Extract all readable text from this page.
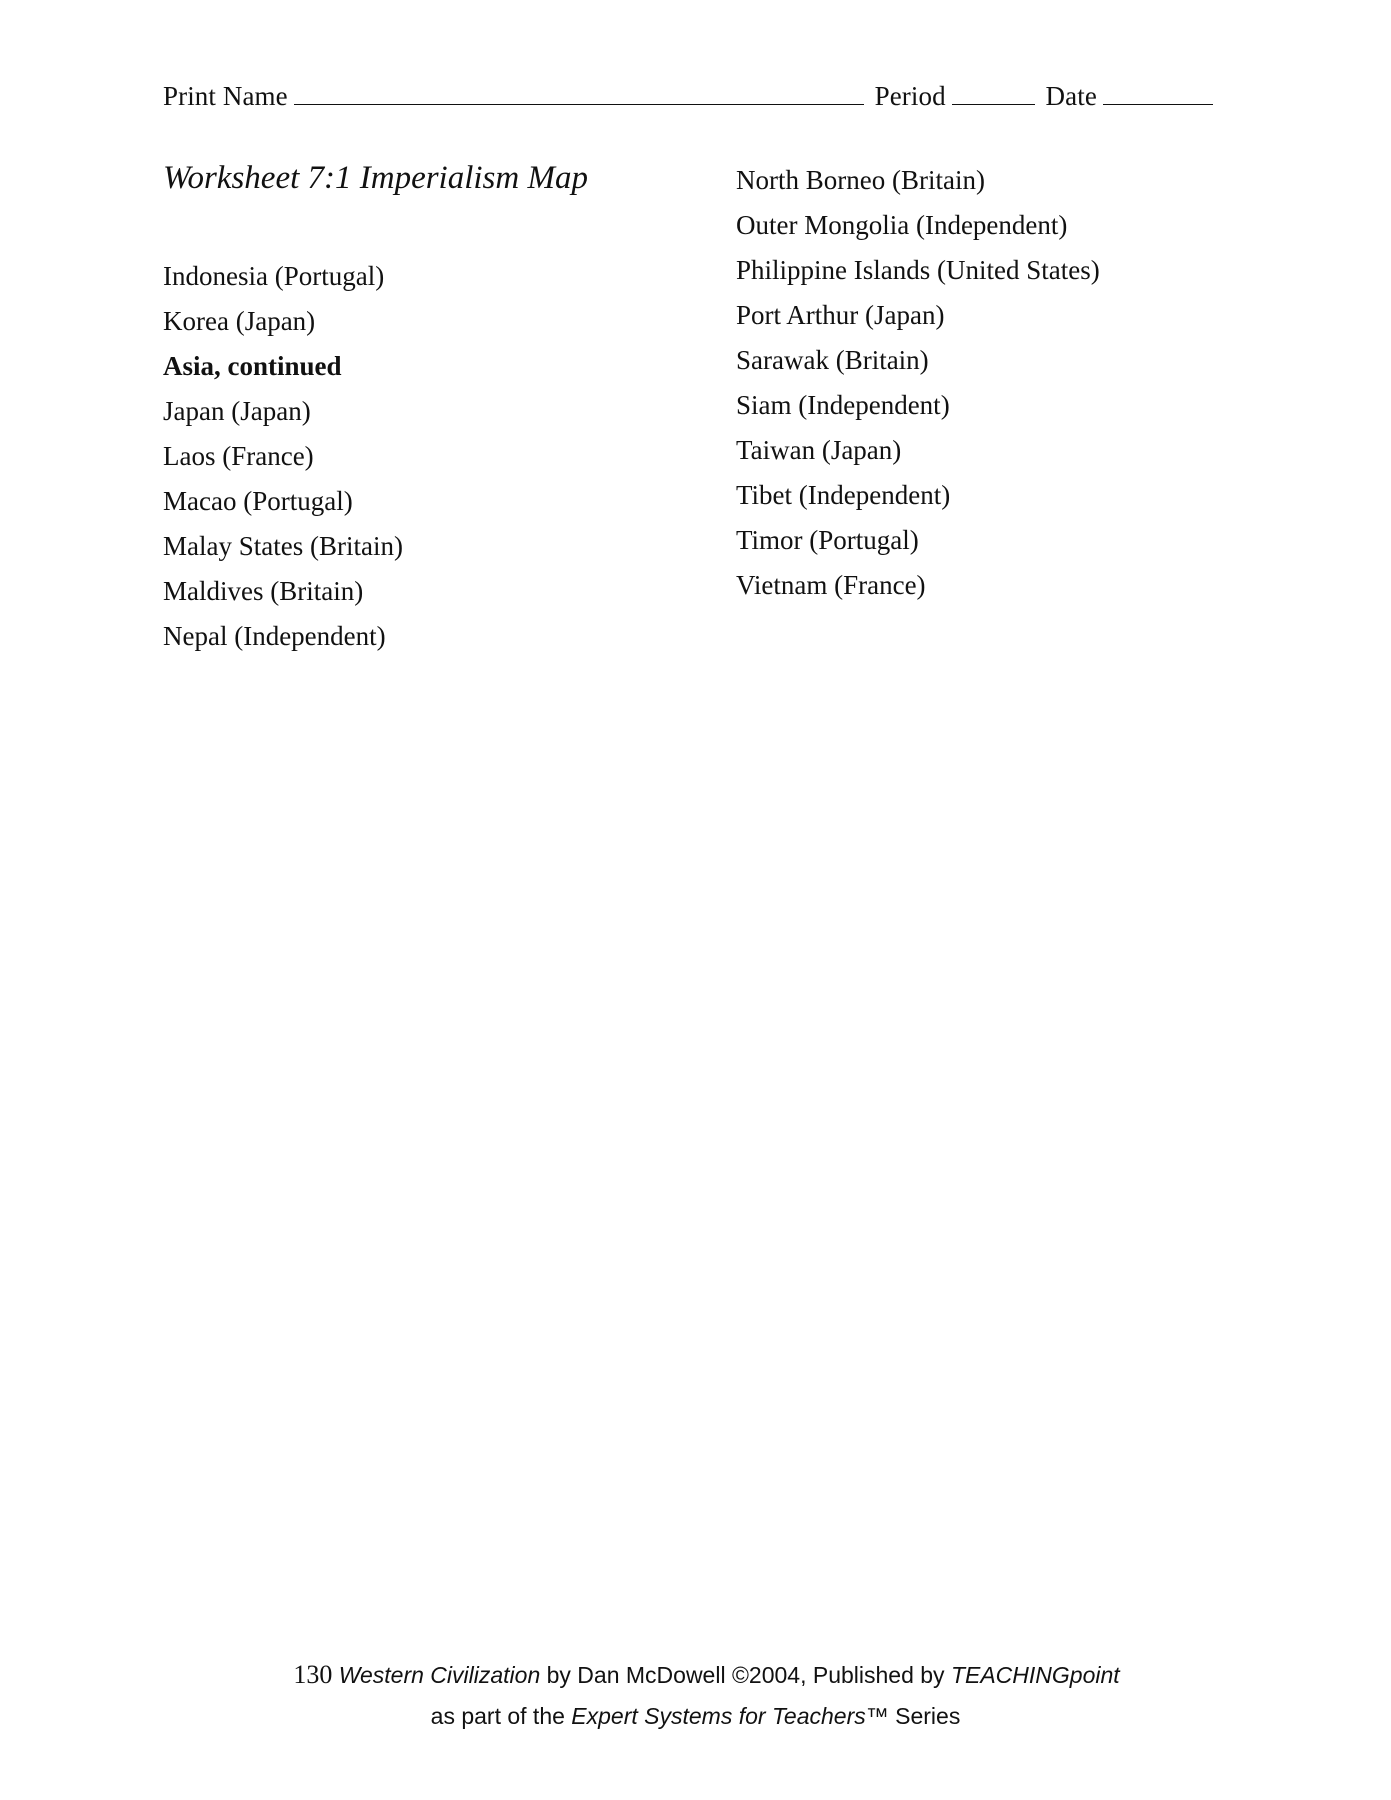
Print Name	Period	Date
Worksheet 7:1 Imperialism Map
Indonesia (Portugal)
Korea (Japan)
Asia, continued
Japan (Japan)
Laos (France)
Macao (Portugal)
Malay States (Britain)
Maldives (Britain)
Nepal (Independent)
North Borneo (Britain)
Outer Mongolia (Independent)
Philippine Islands (United States)
Port Arthur (Japan)
Sarawak (Britain)
Siam (Independent)
Taiwan (Japan)
Tibet (Independent)
Timor (Portugal)
Vietnam (France)
130 Western Civilization by Dan McDowell ©2004, Published by TEACHINGpoint
as part of the Expert Systems for Teachers™ Series
